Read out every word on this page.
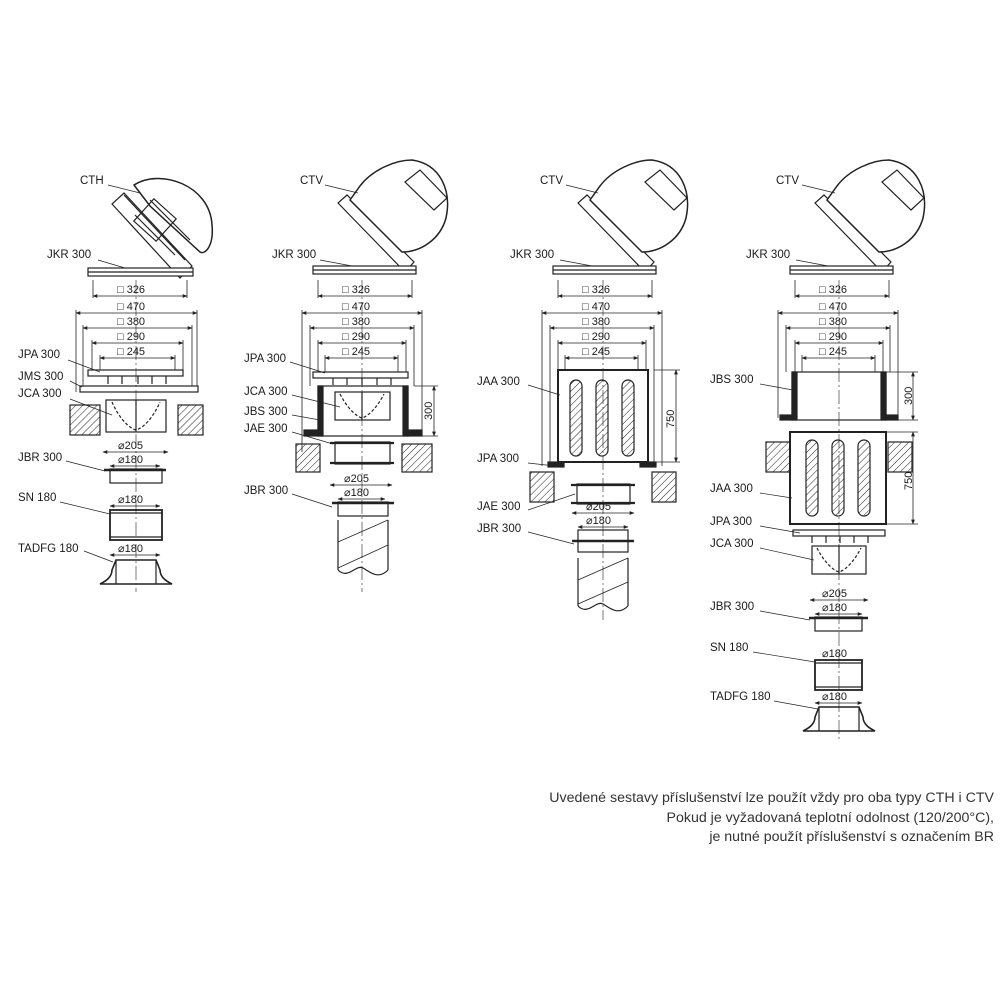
CTH
JKR 300
JPA 300
JMS 300
JCA 300
JBR 300
SN 180
TADFG 180
□ 326
□ 470
□ 380
□ 290
□ 245
⌀205
⌀180
⌀180
⌀180
CTV
JKR 300
JPA 300
JCA 300
JBS 300
JAE 300
JBR 300
□ 326
□ 470
□ 380
□ 290
□ 245
300
⌀205
⌀180
CTV
JKR 300
JAA 300
JPA 300
JAE 300
JBR 300
□ 326
□ 470
□ 380
□ 290
□ 245
750
⌀205
⌀180
CTV
JKR 300
JBS 300
JAA 300
JPA 300
JCA 300
JBR 300
SN 180
TADFG 180
□ 326
□ 470
□ 380
□ 290
□ 245
300
750
⌀205
⌀180
⌀180
⌀180
Uvedené sestavy příslušenství lze použít vždy pro oba typy CTH i CTV
Pokud je vyžadovaná teplotní odolnost (120/200°C),
je nutné použít příslušenství s označením BR
